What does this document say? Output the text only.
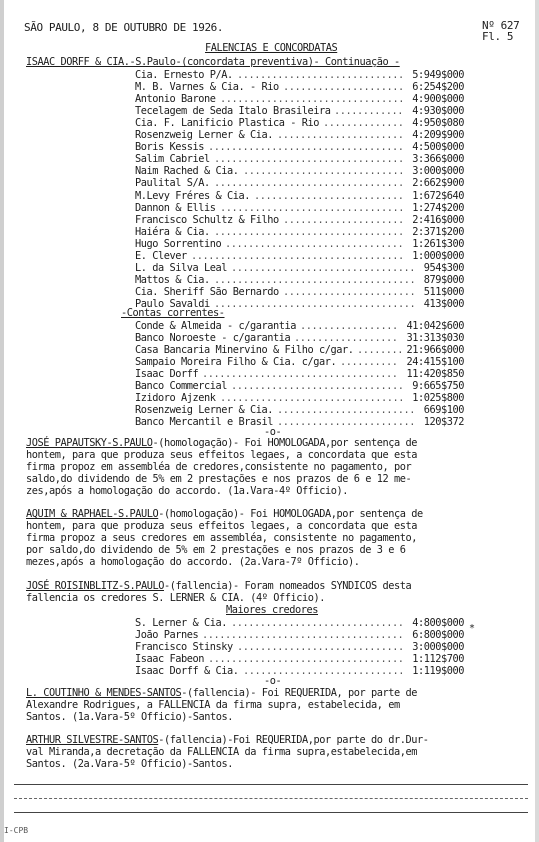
SÃO PAULO, 8 DE OUTUBRO DE 1926.	Nº 627
Fl. 5
FALENCIAS E CONCORDATAS
ISAAC DORFF & CIA.-S.Paulo-(concordata preventiva)- Continuação -
Cia. Ernesto P/A. ............................. 5:949$000
M. B. Varnes & Cia. - Rio ..................... 6:254$200
Antonio Barone ................................ 4:900$000
Tecelagem de Seda Italo Brasileira ............ 4:930$000
Cia. F. Lanificio Plastica - Rio .............. 4:950$080
Rosenzweig Lerner & Cia. ...................... 4:209$900
Boris Kessis .................................. 4:500$000
Salim Cabriel ................................. 3:366$000
Naim Rached & Cia. ............................ 3:000$000
Paulital S/A. ................................. 2:662$900
M.Levy Fréres & Cia. .......................... 1:672$640
Dannon & Ellis ................................ 1:274$200
Francisco Schultz & Filho ..................... 2:416$000
Haiéra & Cia. ................................. 2:371$200
Hugo Sorrentino ............................... 1:261$300
E. Clever ..................................... 1:000$000
L. da Silva Leal ................................ 954$300
Mattos & Cia. ................................... 879$000
Cia. Sheriff São Bernardo ....................... 511$000
Paulo Savaldi ................................... 413$000
-Contas correntes-
Conde & Almeida - c/garantia ................. 41:042$600
Banco Noroeste - c/garantia .................. 31:313$030
Casa Bancaria Minervino & Filho c/gar. ........ 21:966$000
Sampaio Moreira Filho & Cia. c/gar. .......... 24:415$100
Isaac Dorff .................................. 11:420$850
Banco Commercial .............................. 9:665$750
Izidoro Ajzenk ................................ 1:025$800
Rosenzweig Lerner & Cia. ........................ 669$100
Banco Mercantil e Brasil ........................ 120$372
-o-
JOSÉ PAPAUTSKY-S.PAULO-(homologação)- Foi HOMOLOGADA,por sentença de
hontem, para que produza seus effeitos legaes, a concordata que esta
firma propoz em assembléa de credores,consistente no pagamento, por
saldo,do dividendo de 5% em 2 prestações e nos prazos de 6 e 12 me-
zes,após a homologação do accordo. (1a.Vara-4º Officio).
AQUIM & RAPHAEL-S.PAULO-(homologação)- Foi HOMOLOGADA,por sentença de
hontem, para que produza seus effeitos legaes, a concordata que esta
firma propoz a seus credores em assembléa, consistente no pagamento,
por saldo,do dividendo de 5% em 2 prestações e nos prazos de 3 e 6
mezes,após a homologação do accordo. (2a.Vara-7º Officio).
JOSÉ ROISINBLITZ-S.PAULO-(fallencia)- Foram nomeados SYNDICOS desta
fallencia os credores S. LERNER & CIA. (4º Officio).
Maiores credores
S. Lerner & Cia. .............................. 4:800$000
João Parnes ................................... 6:800$000
Francisco Stinsky ............................. 3:000$000
Isaac Fabeon .................................. 1:112$700
Isaac Dorff & Cia. ............................ 1:119$000
*
-o-
L. COUTINHO & MENDES-SANTOS-(fallencia)- Foi REQUERIDA, por parte de
Alexandre Rodrigues, a FALLENCIA da firma supra, estabelecida, em
Santos. (1a.Vara-5º Officio)-Santos.
ARTHUR SILVESTRE-SANTOS-(fallencia)-Foi REQUERIDA,por parte do dr.Dur-
val Miranda,a decretação da FALLENCIA da firma supra,estabelecida,em
Santos. (2a.Vara-5º Officio)-Santos.
I-CPB
